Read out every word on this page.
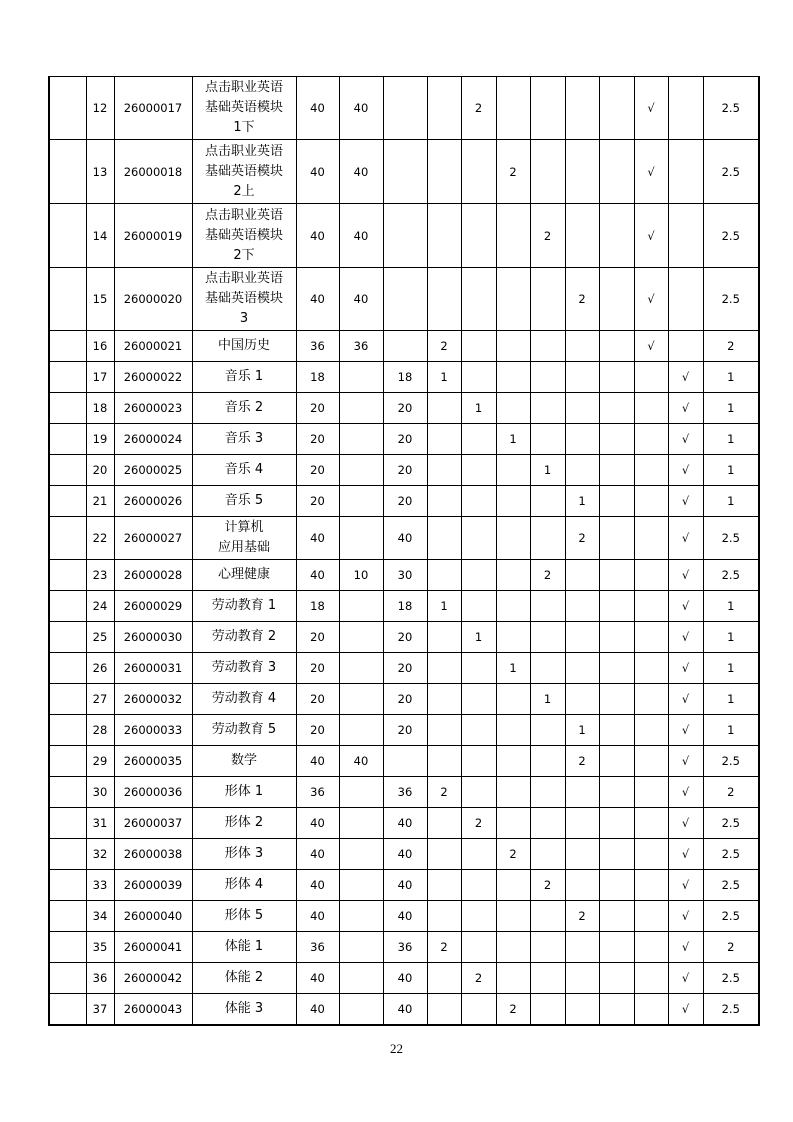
	12	26000017	点击职业英语
基础英语模块
1下	40	40			2					√		2.5
	13	26000018	点击职业英语
基础英语模块
2上	40	40				2				√		2.5
	14	26000019	点击职业英语
基础英语模块
2下	40	40					2			√		2.5
	15	26000020	点击职业英语
基础英语模块
3	40	40						2		√		2.5
	16	26000021	中国历史	36	36		2						√		2
	17	26000022	音乐 1	18		18	1							√	1
	18	26000023	音乐 2	20		20		1						√	1
	19	26000024	音乐 3	20		20			1					√	1
	20	26000025	音乐 4	20		20				1				√	1
	21	26000026	音乐 5	20		20					1			√	1
	22	26000027	计算机
应用基础	40		40					2			√	2.5
	23	26000028	心理健康	40	10	30				2				√	2.5
	24	26000029	劳动教育 1	18		18	1							√	1
	25	26000030	劳动教育 2	20		20		1						√	1
	26	26000031	劳动教育 3	20		20			1					√	1
	27	26000032	劳动教育 4	20		20				1				√	1
	28	26000033	劳动教育 5	20		20					1			√	1
	29	26000035	数学	40	40						2			√	2.5
	30	26000036	形体 1	36		36	2							√	2
	31	26000037	形体 2	40		40		2						√	2.5
	32	26000038	形体 3	40		40			2					√	2.5
	33	26000039	形体 4	40		40				2				√	2.5
	34	26000040	形体 5	40		40					2			√	2.5
	35	26000041	体能 1	36		36	2							√	2
	36	26000042	体能 2	40		40		2						√	2.5
	37	26000043	体能 3	40		40			2					√	2.5
22
